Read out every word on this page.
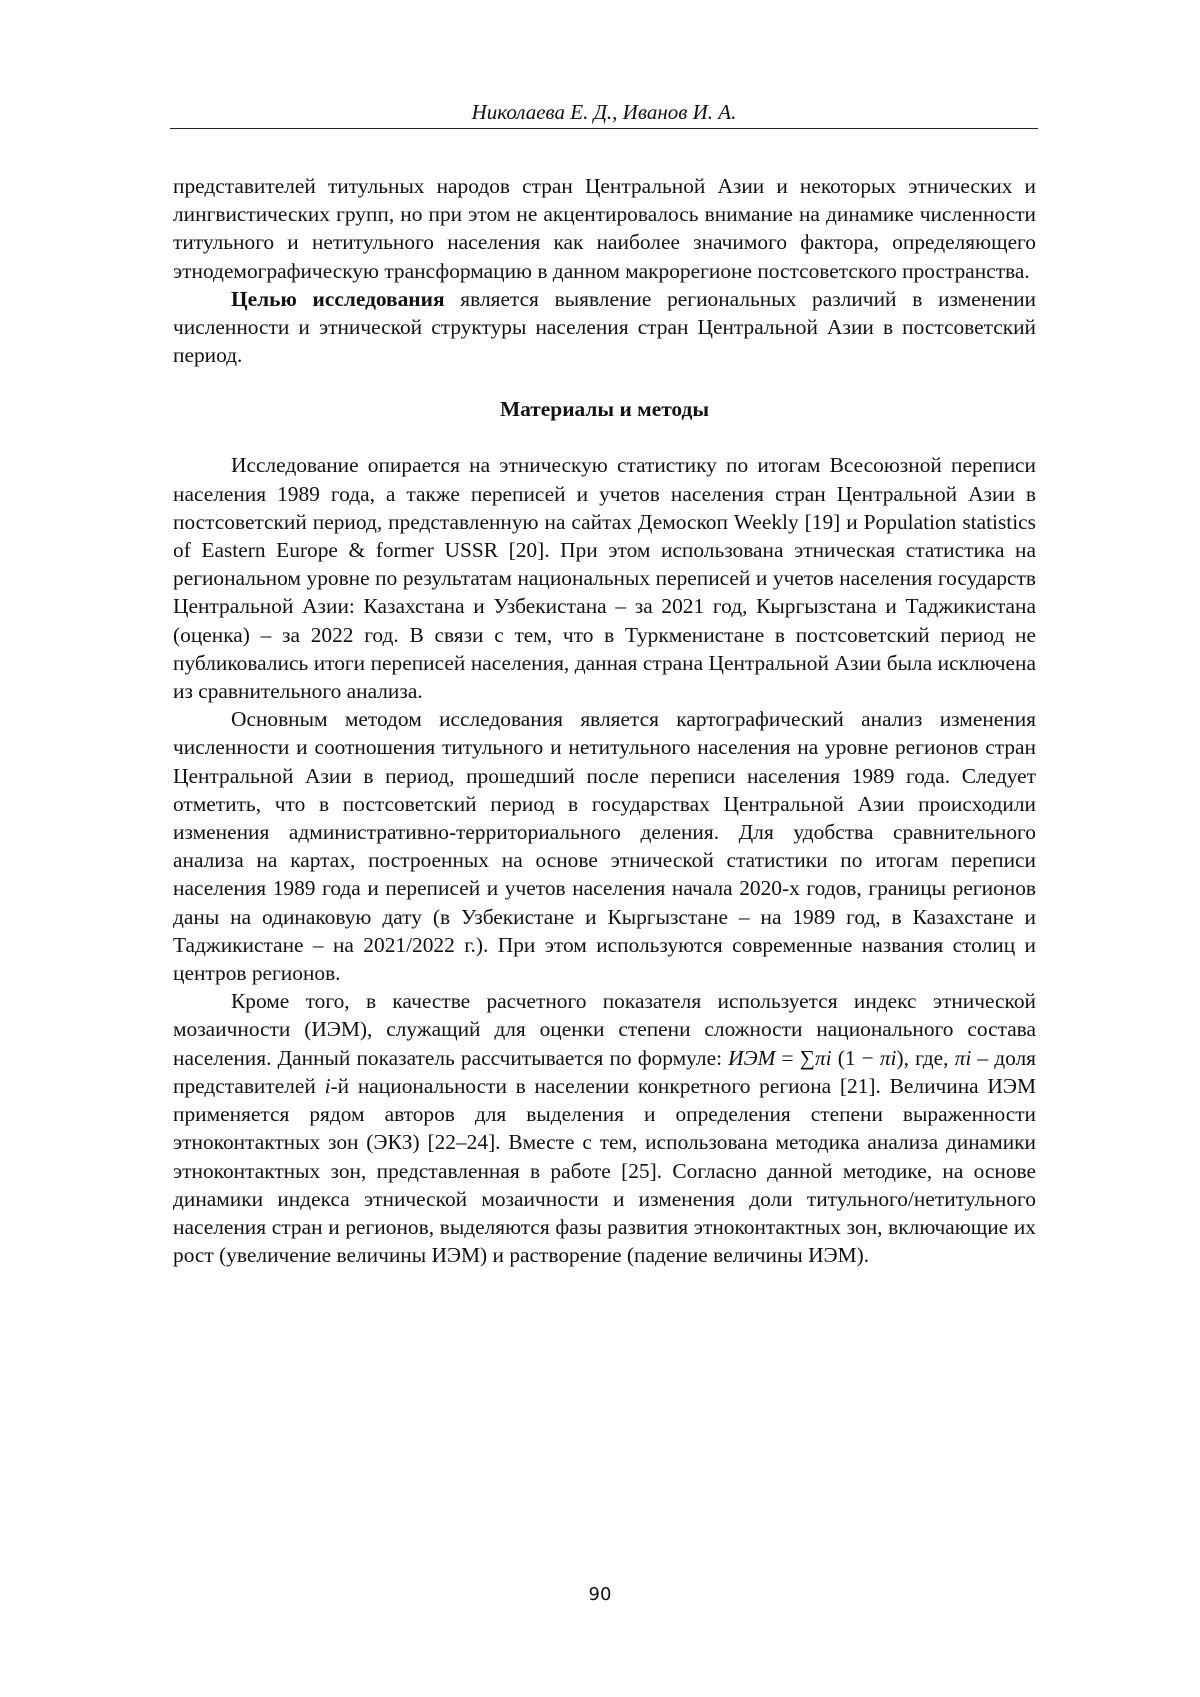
Николаева Е. Д., Иванов И. А.

представителей титульных народов стран Центральной Азии и некоторых этнических и лингвистических групп, но при этом не акцентировалось внимание на динамике численности титульного и нетитульного населения как наиболее значимого фактора, определяющего этнодемографическую трансформацию в данном макрорегионе постсоветского пространства.

Целью исследования является выявление региональных различий в изменении численности и этнической структуры населения стран Центральной Азии в постсоветский период.

Материалы и методы

Исследование опирается на этническую статистику по итогам Всесоюзной переписи населения 1989 года, а также переписей и учетов населения стран Центральной Азии в постсоветский период, представленную на сайтах Демоскоп Weekly [19] и Population statistics of Eastern Europe & former USSR [20]. При этом использована этническая статистика на региональном уровне по результатам национальных переписей и учетов населения государств Центральной Азии: Казахстана и Узбекистана – за 2021 год, Кыргызстана и Таджикистана (оценка) – за 2022 год. В связи с тем, что в Туркменистане в постсоветский период не публиковались итоги переписей населения, данная страна Центральной Азии была исключена из сравнительного анализа.

Основным методом исследования является картографический анализ изменения численности и соотношения титульного и нетитульного населения на уровне регионов стран Центральной Азии в период, прошедший после переписи населения 1989 года. Следует отметить, что в постсоветский период в государствах Центральной Азии происходили изменения административно-территориального деления. Для удобства сравнительного анализа на картах, построенных на основе этнической статистики по итогам переписи населения 1989 года и переписей и учетов населения начала 2020-х годов, границы регионов даны на одинаковую дату (в Узбекистане и Кыргызстане – на 1989 год, в Казахстане и Таджикистане – на 2021/2022 г.). При этом используются современные названия столиц и центров регионов.

Кроме того, в качестве расчетного показателя используется индекс этнической мозаичности (ИЭМ), служащий для оценки степени сложности национального состава населения. Данный показатель рассчитывается по формуле: ИЭМ = ∑πi (1 − πi), где, πi – доля представителей i-й национальности в населении конкретного региона [21]. Величина ИЭМ применяется рядом авторов для выделения и определения степени выраженности этноконтактных зон (ЭКЗ) [22–24]. Вместе с тем, использована методика анализа динамики этноконтактных зон, представленная в работе [25]. Согласно данной методике, на основе динамики индекса этнической мозаичности и изменения доли титульного/нетитульного населения стран и регионов, выделяются фазы развития этноконтактных зон, включающие их рост (увеличение величины ИЭМ) и растворение (падение величины ИЭМ).

90
